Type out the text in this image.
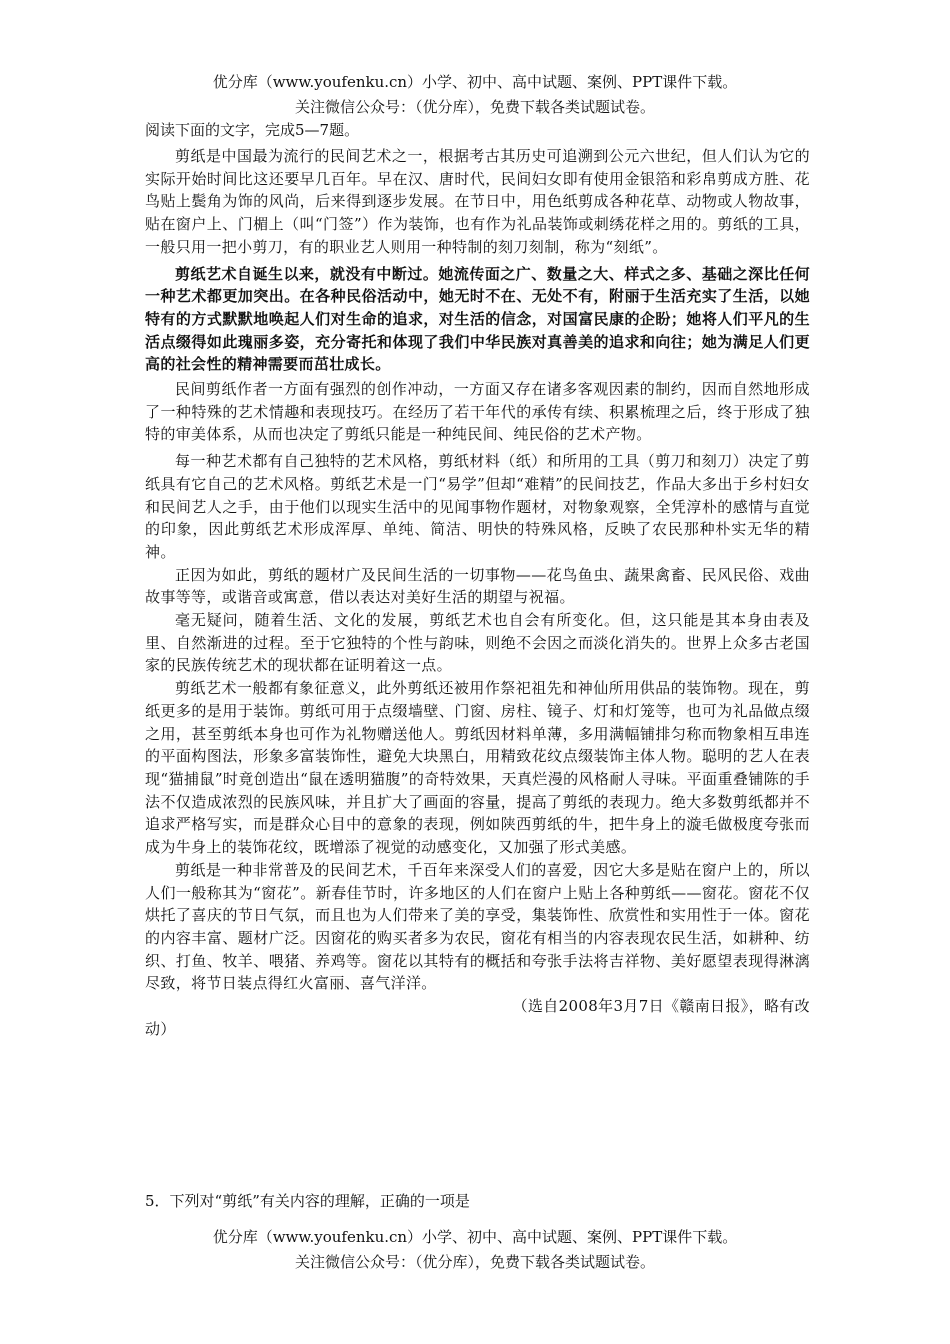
优分库（www.youfenku.cn）小学、初中、高中试题、案例、PPT课件下载。
关注微信公众号：（优分库），免费下载各类试题试卷。
阅读下面的文字，完成5—7题。

剪纸是中国最为流行的民间艺术之一，根据考古其历史可追溯到公元六世纪，但人们认为它的实际开始时间比这还要早几百年。早在汉、唐时代，民间妇女即有使用金银箔和彩帛剪成方胜、花鸟贴上鬓角为饰的风尚，后来得到逐步发展。在节日中，用色纸剪成各种花草、动物或人物故事，贴在窗户上、门楣上（叫“门签”）作为装饰，也有作为礼品装饰或刺绣花样之用的。剪纸的工具，一般只用一把小剪刀，有的职业艺人则用一种特制的刻刀刻制，称为“刻纸”。

剪纸艺术自诞生以来，就没有中断过。她流传面之广、数量之大、样式之多、基础之深比任何一种艺术都更加突出。在各种民俗活动中，她无时不在、无处不有，附丽于生活充实了生活，以她特有的方式默默地唤起人们对生命的追求，对生活的信念，对国富民康的企盼；她将人们平凡的生活点缀得如此瑰丽多姿，充分寄托和体现了我们中华民族对真善美的追求和向往；她为满足人们更高的社会性的精神需要而茁壮成长。

民间剪纸作者一方面有强烈的创作冲动，一方面又存在诸多客观因素的制约，因而自然地形成了一种特殊的艺术情趣和表现技巧。在经历了若干年代的承传有续、积累梳理之后，终于形成了独特的审美体系，从而也决定了剪纸只能是一种纯民间、纯民俗的艺术产物。

每一种艺术都有自己独特的艺术风格，剪纸材料（纸）和所用的工具（剪刀和刻刀）决定了剪纸具有它自己的艺术风格。剪纸艺术是一门“易学”但却“难精”的民间技艺，作品大多出于乡村妇女和民间艺人之手，由于他们以现实生活中的见闻事物作题材，对物象观察，全凭淳朴的感情与直觉的印象，因此剪纸艺术形成浑厚、单纯、简洁、明快的特殊风格，反映了农民那种朴实无华的精神。

正因为如此，剪纸的题材广及民间生活的一切事物——花鸟鱼虫、蔬果禽畜、民风民俗、戏曲故事等等，或谐音或寓意，借以表达对美好生活的期望与祝福。

毫无疑问，随着生活、文化的发展，剪纸艺术也自会有所变化。但，这只能是其本身由表及里、自然渐进的过程。至于它独特的个性与韵味，则绝不会因之而淡化消失的。世界上众多古老国家的民族传统艺术的现状都在证明着这一点。

剪纸艺术一般都有象征意义，此外剪纸还被用作祭祀祖先和神仙所用供品的装饰物。现在，剪纸更多的是用于装饰。剪纸可用于点缀墙壁、门窗、房柱、镜子、灯和灯笼等，也可为礼品做点缀之用，甚至剪纸本身也可作为礼物赠送他人。剪纸因材料单薄，多用满幅铺排匀称而物象相互串连的平面构图法，形象多富装饰性，避免大块黑白，用精致花纹点缀装饰主体人物。聪明的艺人在表现“猫捕鼠”时竟创造出“鼠在透明猫腹”的奇特效果，天真烂漫的风格耐人寻味。平面重叠铺陈的手法不仅造成浓烈的民族风味，并且扩大了画面的容量，提高了剪纸的表现力。绝大多数剪纸都并不追求严格写实，而是群众心目中的意象的表现，例如陕西剪纸的牛，把牛身上的漩毛做极度夸张而成为牛身上的装饰花纹，既增添了视觉的动感变化，又加强了形式美感。

剪纸是一种非常普及的民间艺术，千百年来深受人们的喜爱，因它大多是贴在窗户上的，所以人们一般称其为“窗花”。新春佳节时，许多地区的人们在窗户上贴上各种剪纸——窗花。窗花不仅烘托了喜庆的节日气氛，而且也为人们带来了美的享受，集装饰性、欣赏性和实用性于一体。窗花的内容丰富、题材广泛。因窗花的购买者多为农民，窗花有相当的内容表现农民生活，如耕种、纺织、打鱼、牧羊、喂猪、养鸡等。窗花以其特有的概括和夸张手法将吉祥物、美好愿望表现得淋漓尽致，将节日装点得红火富丽、喜气洋洋。

（选自2008年3月7日《赣南日报》，略有改

动）

5．下列对“剪纸”有关内容的理解，正确的一项是
优分库（www.youfenku.cn）小学、初中、高中试题、案例、PPT课件下载。
关注微信公众号：（优分库），免费下载各类试题试卷。
